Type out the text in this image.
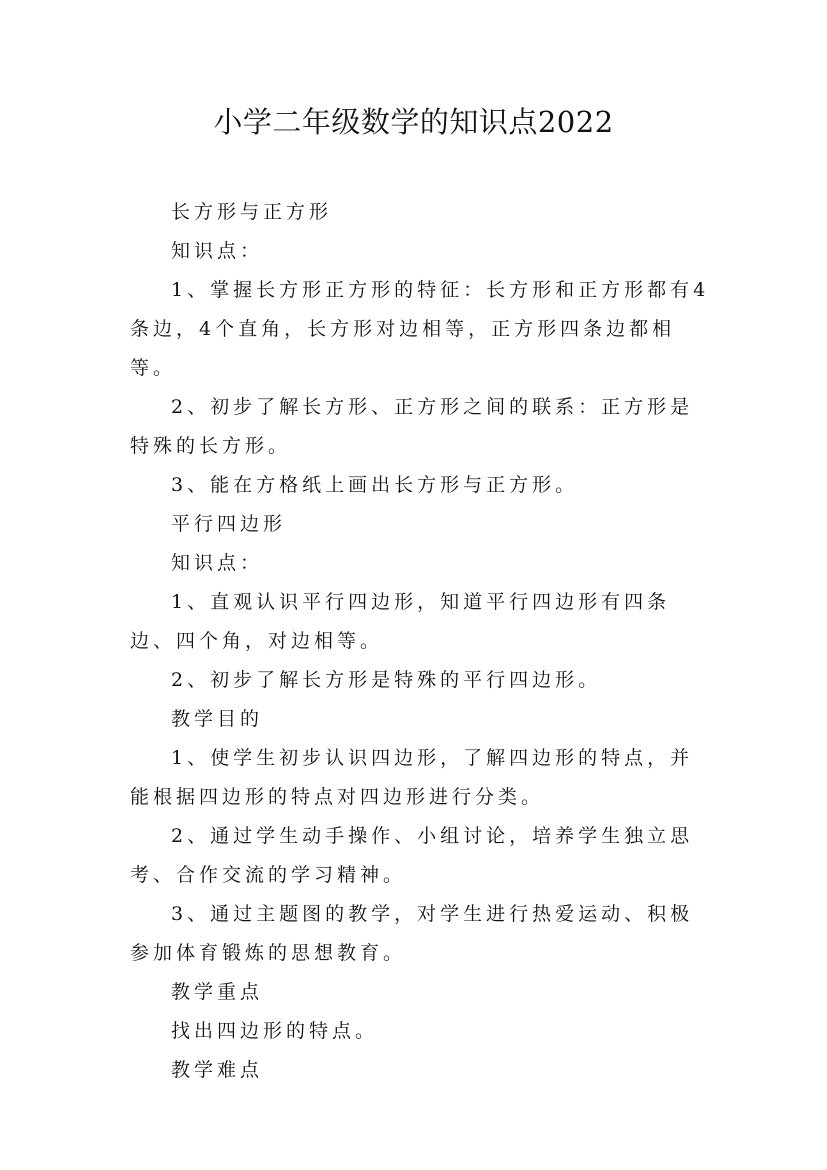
小学二年级数学的知识点2022

长方形与正方形

知识点：

1、掌握长方形正方形的特征：长方形和正方形都有4条边，4个直角，长方形对边相等，正方形四条边都相等。

2、初步了解长方形、正方形之间的联系：正方形是特殊的长方形。

3、能在方格纸上画出长方形与正方形。

平行四边形

知识点：

1、直观认识平行四边形，知道平行四边形有四条边、四个角，对边相等。

2、初步了解长方形是特殊的平行四边形。

教学目的

1、使学生初步认识四边形，了解四边形的特点，并能根据四边形的特点对四边形进行分类。

2、通过学生动手操作、小组讨论，培养学生独立思考、合作交流的学习精神。

3、通过主题图的教学，对学生进行热爱运动、积极参加体育锻炼的思想教育。

教学重点

找出四边形的特点。

教学难点
